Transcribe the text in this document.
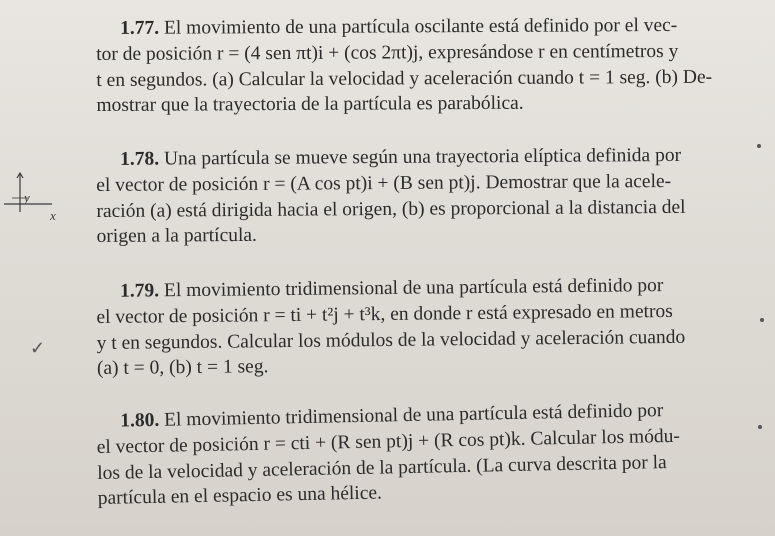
y
x
✓
1.77. El movimiento de una partícula oscilante está definido por el vec-
tor de posición r = (4 sen πt)i + (cos 2πt)j, expresándose r en centímetros y
t en segundos. (a) Calcular la velocidad y aceleración cuando t = 1 seg. (b) De-
mostrar que la trayectoria de la partícula es parabólica.
1.78. Una partícula se mueve según una trayectoria elíptica definida por
el vector de posición r = (A cos pt)i + (B sen pt)j. Demostrar que la acele-
ración (a) está dirigida hacia el origen, (b) es proporcional a la distancia del
origen a la partícula.
1.79. El movimiento tridimensional de una partícula está definido por
el vector de posición r = ti + t²j + t³k, en donde r está expresado en metros
y t en segundos. Calcular los módulos de la velocidad y aceleración cuando
(a) t = 0, (b) t = 1 seg.
1.80. El movimiento tridimensional de una partícula está definido por
el vector de posición r = cti + (R sen pt)j + (R cos pt)k. Calcular los módu-
los de la velocidad y aceleración de la partícula. (La curva descrita por la
partícula en el espacio es una hélice.
